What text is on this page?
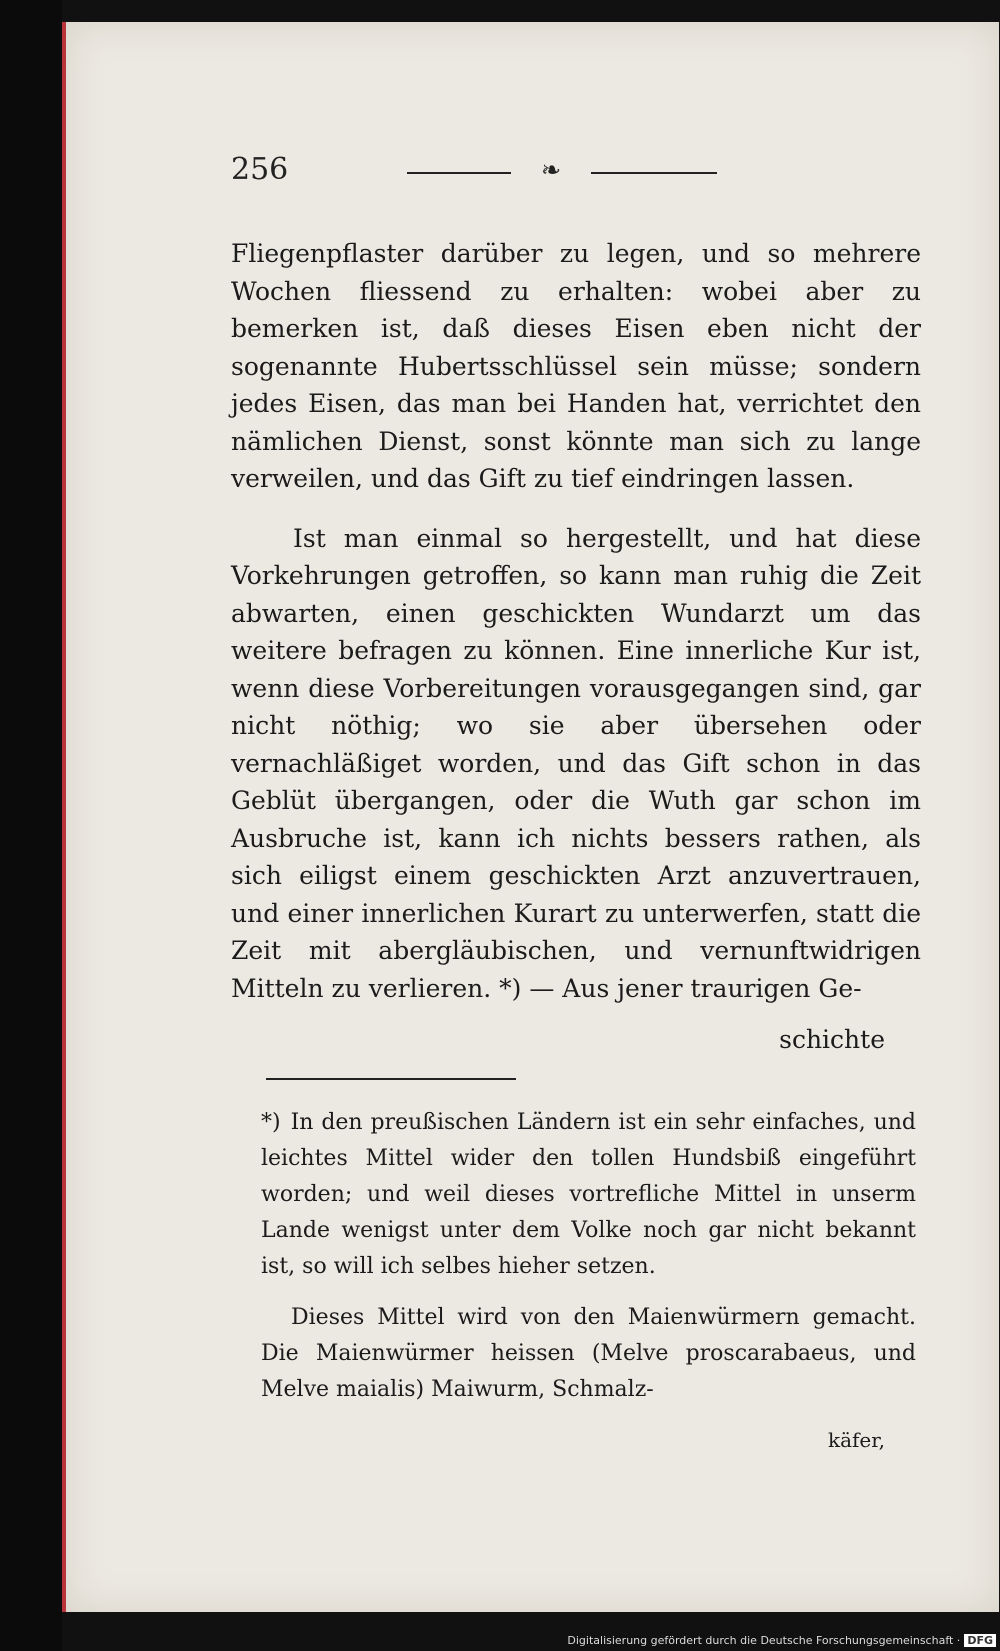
256	❧

Fliegenpflaster darüber zu legen, und so mehrere Wochen fliessend zu erhalten: wobei aber zu bemerken ist, daß dieses Eisen eben nicht der sogenannte Hubertsschlüssel sein müsse; sondern jedes Eisen, das man bei Handen hat, verrichtet den nämlichen Dienst, sonst könnte man sich zu lange verweilen, und das Gift zu tief eindringen lassen.

Ist man einmal so hergestellt, und hat diese Vorkehrungen getroffen, so kann man ruhig die Zeit abwarten, einen geschickten Wundarzt um das weitere befragen zu können. Eine innerliche Kur ist, wenn diese Vorbereitungen vorausgegangen sind, gar nicht nöthig; wo sie aber übersehen oder vernachläßiget worden, und das Gift schon in das Geblüt übergangen, oder die Wuth gar schon im Ausbruche ist, kann ich nichts bessers rathen, als sich eiligst einem geschickten Arzt anzuvertrauen, und einer innerlichen Kurart zu unterwerfen, statt die Zeit mit abergläubischen, und vernunftwidrigen Mitteln zu verlieren. *) — Aus jener traurigen Ge-

schichte
*) In den preußischen Ländern ist ein sehr einfaches, und leichtes Mittel wider den tollen Hundsbiß eingeführt worden; und weil dieses vortrefliche Mittel in unserm Lande wenigst unter dem Volke noch gar nicht bekannt ist, so will ich selbes hieher setzen.
Dieses Mittel wird von den Maienwürmern gemacht. Die Maienwürmer heissen (Melve proscarabaeus, und Melve maialis) Maiwurm, Schmalz-
käfer,
Digitalisierung gefördert durch die Deutsche Forschungsgemeinschaft · DFG
